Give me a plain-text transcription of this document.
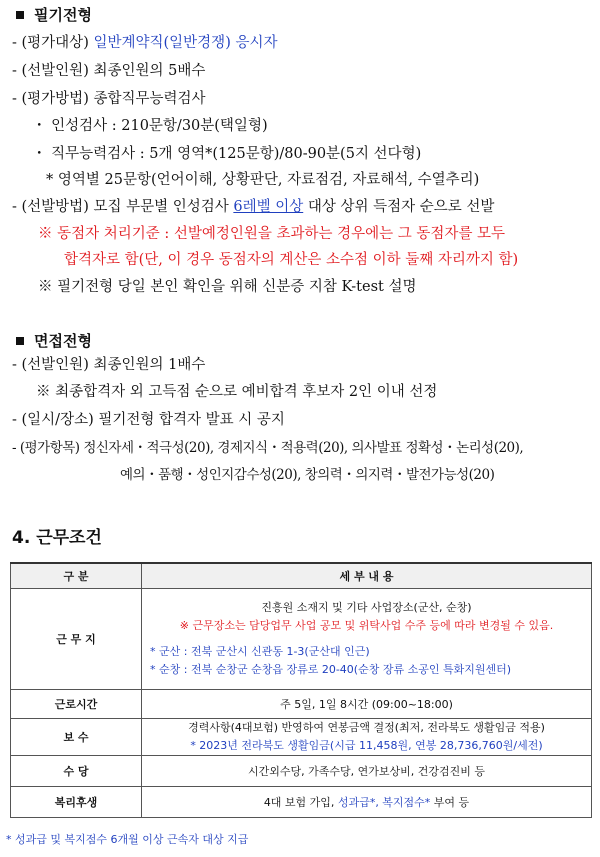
필기전형
- (평가대상) 일반계약직(일반경쟁) 응시자
- (선발인원) 최종인원의 5배수
- (평가방법) 종합직무능력검사
・ 인성검사 : 210문항/30분(택일형)
・ 직무능력검사 : 5개 영역*(125문항)/80-90분(5지 선다형)
* 영역별 25문항(언어이해, 상황판단, 자료점검, 자료해석, 수열추리)
- (선발방법) 모집 부문별 인성검사 6레벨 이상 대상 상위 득점자 순으로 선발
※ 동점자 처리기준 : 선발예정인원을 초과하는 경우에는 그 동점자를 모두
합격자로 함(단, 이 경우 동점자의 계산은 소수점 이하 둘째 자리까지 함)
※ 필기전형 당일 본인 확인을 위해 신분증 지참 K-test 설명
면접전형
- (선발인원) 최종인원의 1배수
※ 최종합격자 외 고득점 순으로 예비합격 후보자 2인 이내 선정
- (일시/장소) 필기전형 합격자 발표 시 공지
- (평가항목) 정신자세・적극성(20), 경제지식・적용력(20), 의사발표 정확성・논리성(20),
예의・품행・성인지감수성(20), 창의력・의지력・발전가능성(20)
4. 근무조건
구 분	세 부 내 용
근 무 지	진흥원 소재지 및 기타 사업장소(군산, 순창)
※ 근무장소는 담당업무 사업 공모 및 위탁사업 수주 등에 따라 변경될 수 있음.
* 군산 : 전북 군산시 신관동 1-3(군산대 인근)
* 순창 : 전북 순창군 순창읍 장류로 20-40(순창 장류 소공인 특화지원센터)

근로시간	주 5일, 1일 8시간 (09:00~18:00)
보 수	경력사항(4대보험) 반영하여 연봉금액 결정(최저, 전라북도 생활임금 적용)
* 2023년 전라북도 생활임금(시급 11,458원, 연봉 28,736,760원/세전)

수 당	시간외수당, 가족수당, 연가보상비, 건강검진비 등
복리후생	4대 보험 가입, 성과급*, 복지점수* 부여 등
* 성과급 및 복지점수 6개월 이상 근속자 대상 지급
